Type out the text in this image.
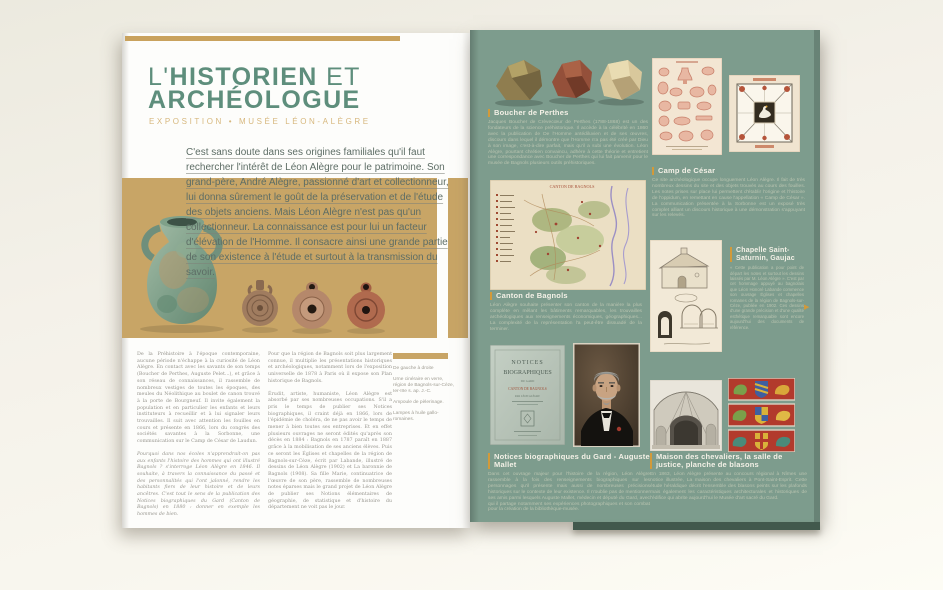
L'HISTORIEN ET
ARCHÉOLOGUE
EXPOSITION • MUSÉE LÉON-ALÈGRE
C'est sans doute dans ses origines familiales qu'il faut rechercher l'intérêt de Léon Alègre pour le patrimoine. Son grand-père, André Alègre, passionné d'art et collectionneur, lui donna sûrement le goût de la préservation et de l'étude des objets anciens. Mais Léon Alègre n'est pas qu'un collectionneur. La connaissance est pour lui un facteur d'élévation de l'Homme. Il consacre ainsi une grande partie de son existence à l'étude et surtout à la transmission du savoir.

De la Préhistoire à l'époque contemporaine, aucune période n'échappe à la curiosité de Léon Alègre. En contact avec les savants de son temps (Boucher de Perthes, Auguste Pelet...), et grâce à son réseau de connaissances, il rassemble de nombreux vestiges de toutes les époques, des meules du Néolithique au boulet de canon trouvé à la porte de Bourgneuf. Il invite également la population et en particulier les enfants et leurs instituteurs à recueillir et à lui signaler leurs trouvailles. Il suit avec attention les fouilles en cours et présente en 1866, lors du congrès des sociétés savantes à la Sorbonne, une communication sur le Camp de César de Laudun.

Pourquoi dans nos écoles n'apprendrait-on pas aux enfants l'histoire des hommes qui ont illustré Bagnols ? s'interroge Léon Alègre en 1846. Il souhaite, à travers la connaissance du passé et des personnalités qui l'ont jalonné, rendre les habitants fiers de leur histoire et de leurs ancêtres. C'est tout le sens de la publication des Notices biographiques du Gard (Canton de Bagnols) en 1880 : donner en exemple les hommes de bien.

Pour que la région de Bagnols soit plus largement connue, il multiplie les présentations historiques et archéologiques, notamment lors de l'exposition universelle de 1878 à Paris où il expose son Plan historique de Bagnols.

Érudit, artiste, humaniste, Léon Alègre est absorbé par ses nombreuses occupations. S'il a pris le temps de publier ses Notices biographiques, il craint déjà en 1866, lors de l'épidémie de choléra, de ne pas avoir le temps de mener à bien toutes ses entreprises. Et en effet plusieurs ouvrages ne seront édités qu'après son décès en 1884 : Bagnols en 1787 paraît en 1887 grâce à la mobilisation de ses anciens élèves. Puis ce seront les Églises et chapelles de la région de Bagnols-sur-Cèze, écrit par Labande, illustré de dessins de Léon Alègre (1902) et La baronnie de Bagnols (1908). Sa fille Marie, continuatrice de l'œuvre de son père, rassemble de nombreuses notes éparses mais le grand projet de Léon Alègre de publier ses Notions élémentaires de géographie, de statistique et d'histoire du département ne voit pas le jour.

De gauche à droite

Urne cinéraire en verre, région de Bagnols-sur-Cèze, Ier-IIIe s. ap. J.-C.

Ampoule de pèlerinage.

Lampes à huile gallo-romaines.

Boucher de Perthes

Jacques Boucher de Crèvecœur de Perthes (1788-1868) est un des fondateurs de la science préhistorique. Il accède à la célébrité en 1860 avec la publication de De l'Homme antédiluvien et de ses œuvres, discours dans lequel il démontre que l'Homme n'a pas été créé par Dieu à son image, c'est-à-dire parfait, mais qu'il a subi une évolution. Léon Alègre, pourtant chrétien convaincu, adhère à cette théorie et entretient une correspondance avec Boucher de Perthes qui lui fait parvenir pour le musée de Bagnols plusieurs outils préhistoriques.

CANTON DE BAGNOLS
Canton de Bagnols

Léon Alègre souhaite présenter son canton de la manière la plus complète en mêlant les bâtiments remarquables, les trouvailles archéologiques aux renseignements économiques, géographiques... La complexité de la représentation l'a peut-être dissuadé de la terminer.

Camp de César

Ce site archéologique occupe longuement Léon Alègre. Il fait de très nombreux dessins du site et des objets trouvés au cours des fouilles. Les notes prises sur place lui permettent d'établir l'origine et l'histoire de l'oppidum, en remettant en cause l'appellation « Camp de César ». La communication présentée à la Sorbonne est un exposé très complet alliant un discours historique à une démonstration s'appuyant sur les relevés.

Chapelle Saint-Saturnin, Gaujac

« Cette publication a pour point de départ les notes et surtout les dessins laissés par M. Léon Alègre ». C'est par cet hommage appuyé au bagnolais que Léon Honoré Labande commence son ouvrage Églises et chapelles romanes de la région de Bagnols-sur-Cèze, publiée en 1902. Ces dessins d'une grande précision et d'une qualité esthétique remarquable sont encore aujourd'hui des documents de référence.

▶
NOTICES
BIOGRAPHIQUES
DU GARD
CANTON DE BAGNOLS
PAR LÉON ALÈGRE
Notices biographiques du Gard - Auguste Mallet

Dans cet ouvrage majeur pour l'histoire de la région, Léon Alègre rassemble à la fois des renseignements biographiques sur les personnages qu'il présente mais aussi de nombreuses précisions historiques sur le contexte de leur existence. Il n'oublie pas de mentionner ses amis parmi lesquels Auguste Mallet, médecin et député du Gard, avec qui il partage notamment ses expériences photographiques et son combat pour la création de la bibliothèque-musée.

Maison des chevaliers, la salle de justice, planche de blasons

En 1863, Léon Alègre présente au concours régional à Nîmes une notice illustrée, La maison des chevaliers à Pont-Saint-Esprit. Cette étude héraldique décrit l'ensemble des blasons peints sur les plafonds mais également les caractéristiques architecturales et historiques de l'édifice qui abrite aujourd'hui le Musée d'art sacré du Gard.
